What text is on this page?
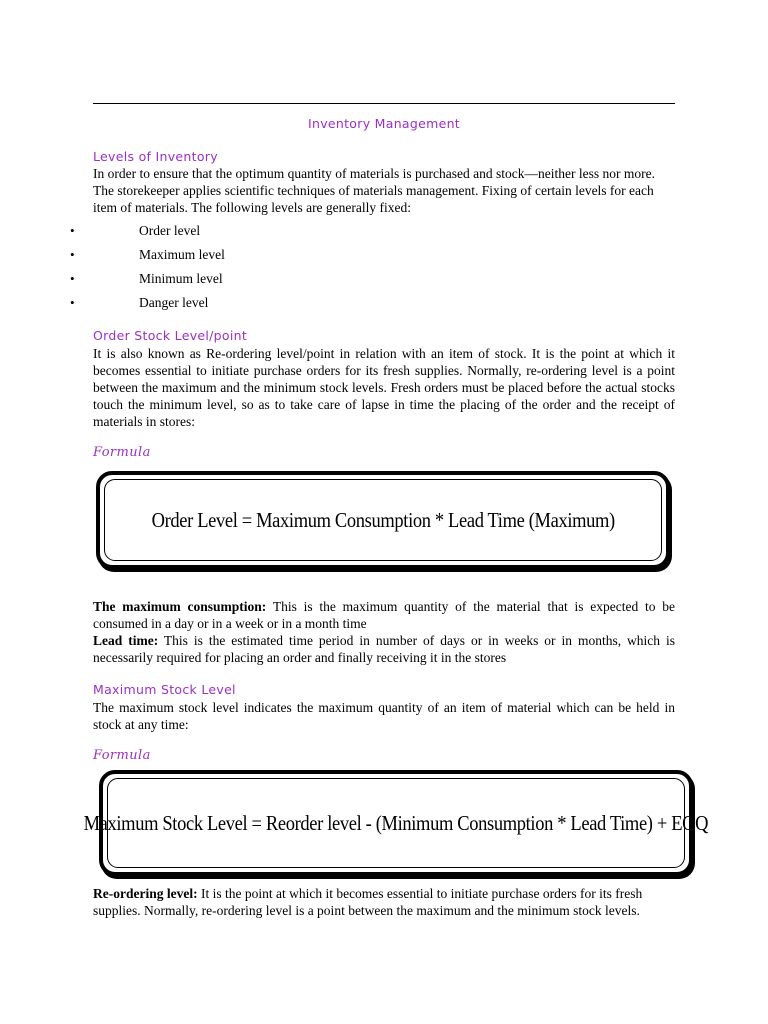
Inventory Management
Levels of Inventory
In order to ensure that the optimum quantity of materials is purchased and stock—neither less nor more. The storekeeper applies scientific techniques of materials management. Fixing of certain levels for each item of materials. The following levels are generally fixed:
•	Order level
•	Maximum level
•	Minimum level
•	Danger level
Order Stock Level/point
It is also known as Re-ordering level/point in relation with an item of stock. It is the point at which it becomes essential to initiate purchase orders for its fresh supplies. Normally, re-ordering level is a point between the maximum and the minimum stock levels. Fresh orders must be placed before the actual stocks touch the minimum level, so as to take care of lapse in time the placing of the order and the receipt of materials in stores:
Formula
Order Level = Maximum Consumption * Lead Time (Maximum)
The maximum consumption: This is the maximum quantity of the material that is expected to be consumed in a day or in a week or in a month time
Lead time: This is the estimated time period in number of days or in weeks or in months, which is necessarily required for placing an order and finally receiving it in the stores
Maximum Stock Level
The maximum stock level indicates the maximum quantity of an item of material which can be held in stock at any time:
Formula
Maximum Stock Level = Reorder level - (Minimum Consumption * Lead Time) + EOQ
Re-ordering level: It is the point at which it becomes essential to initiate purchase orders for its fresh supplies. Normally, re-ordering level is a point between the maximum and the minimum stock levels.
